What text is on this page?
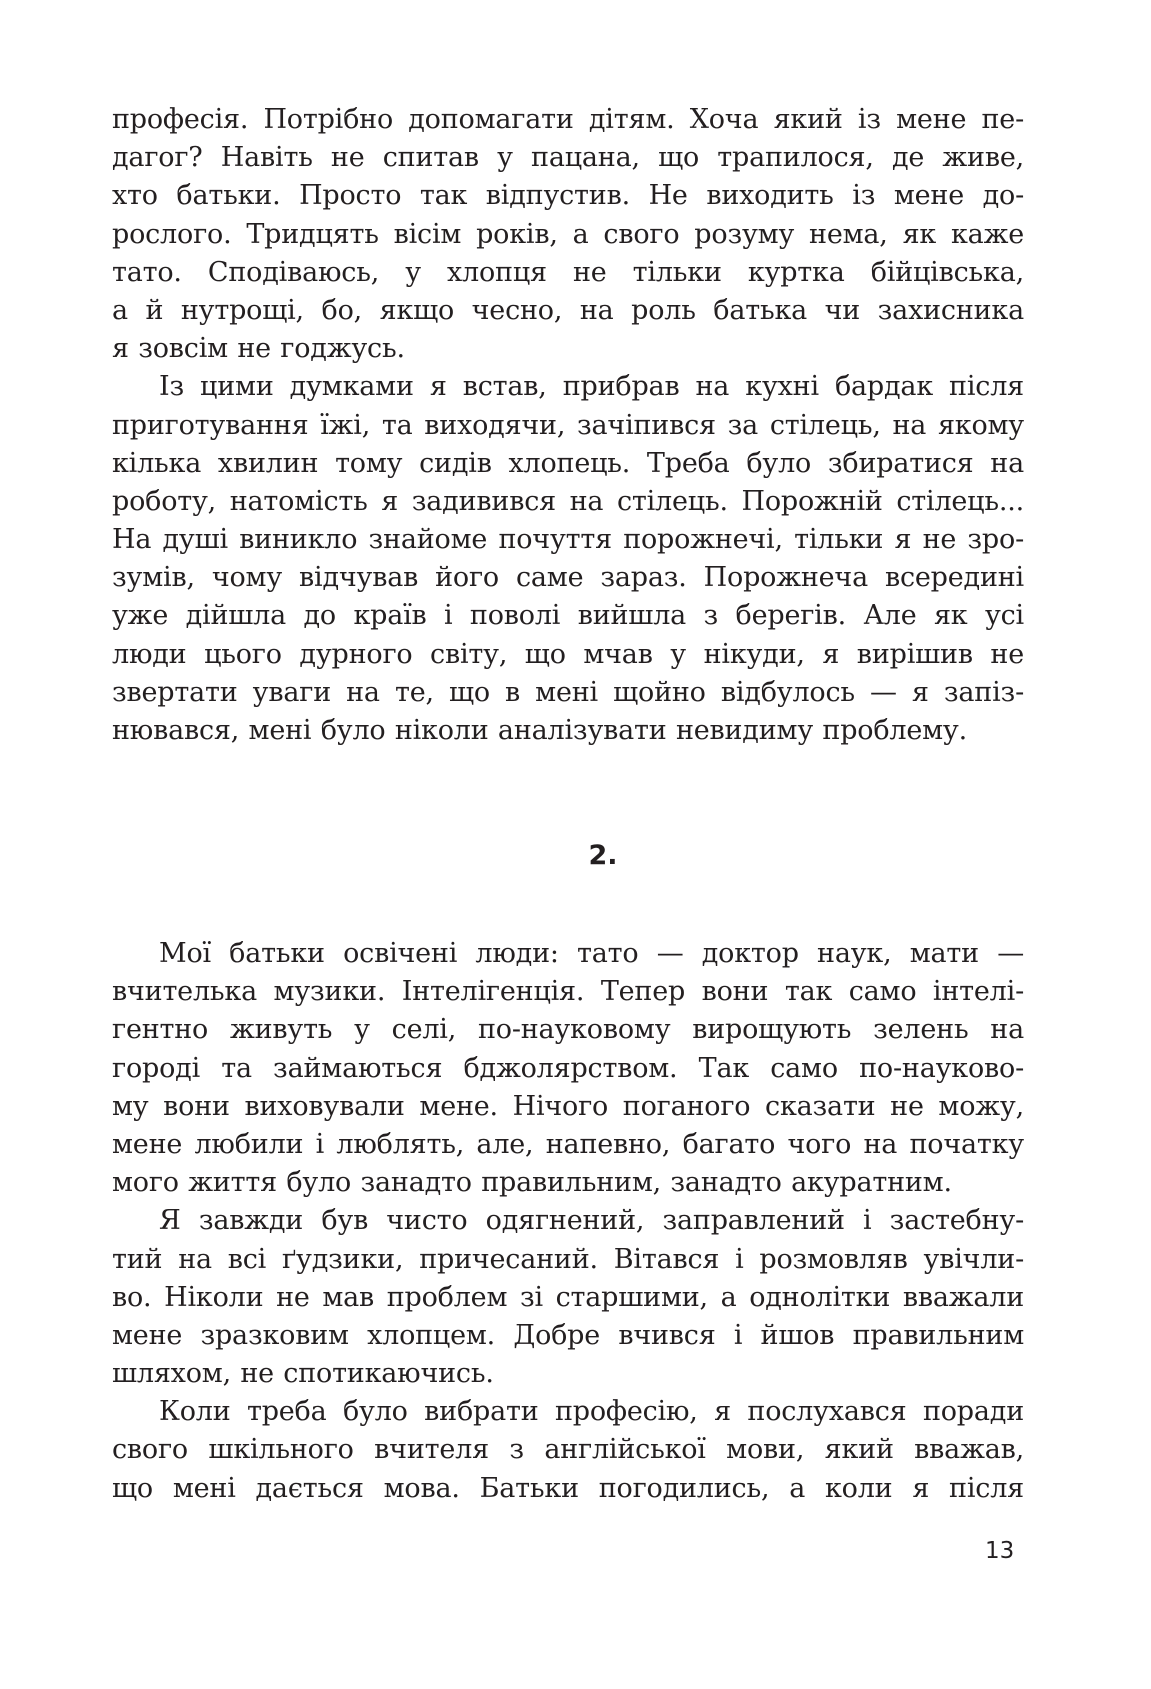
професія. Потрібно допомагати дітям. Хоча який із мене пе-
дагог? Навіть не спитав у пацана, що трапилося, де живе,
хто батьки. Просто так відпустив. Не виходить із мене до-
рослого. Тридцять вісім років, а свого розуму нема, як каже
тато. Сподіваюсь, у хлопця не тільки куртка бійцівська,
а й нутрощі, бо, якщо чесно, на роль батька чи захисника
я зовсім не годжусь.
Із цими думками я встав, прибрав на кухні бардак після
приготування їжі, та виходячи, зачіпився за стілець, на якому
кілька хвилин тому сидів хлопець. Треба було збиратися на
роботу, натомість я задивився на стілець. Порожній стілець...
На душі виникло знайоме почуття порожнечі, тільки я не зро-
зумів, чому відчував його саме зараз. Порожнеча всередині
уже дійшла до країв і поволі вийшла з берегів. Але як усі
люди цього дурного світу, що мчав у нікуди, я вирішив не
звертати уваги на те, що в мені щойно відбулось — я запіз-
нювався, мені було ніколи аналізувати невидиму проблему.
2.
Мої батьки освічені люди: тато — доктор наук, мати —
вчителька музики. Інтелігенція. Тепер вони так само інтелі-
гентно живуть у селі, по-науковому вирощують зелень на
городі та займаються бджолярством. Так само по-науково-
му вони виховували мене. Нічого поганого сказати не можу,
мене любили і люблять, але, напевно, багато чого на початку
мого життя було занадто правильним, занадто акуратним.
Я завжди був чисто одягнений, заправлений і застебну-
тий на всі ґудзики, причесаний. Вітався і розмовляв увічли-
во. Ніколи не мав проблем зі старшими, а однолітки вважали
мене зразковим хлопцем. Добре вчився і йшов правильним
шляхом, не спотикаючись.
Коли треба було вибрати професію, я послухався поради
свого шкільного вчителя з англійської мови, який вважав,
що мені дається мова. Батьки погодились, а коли я після
13
